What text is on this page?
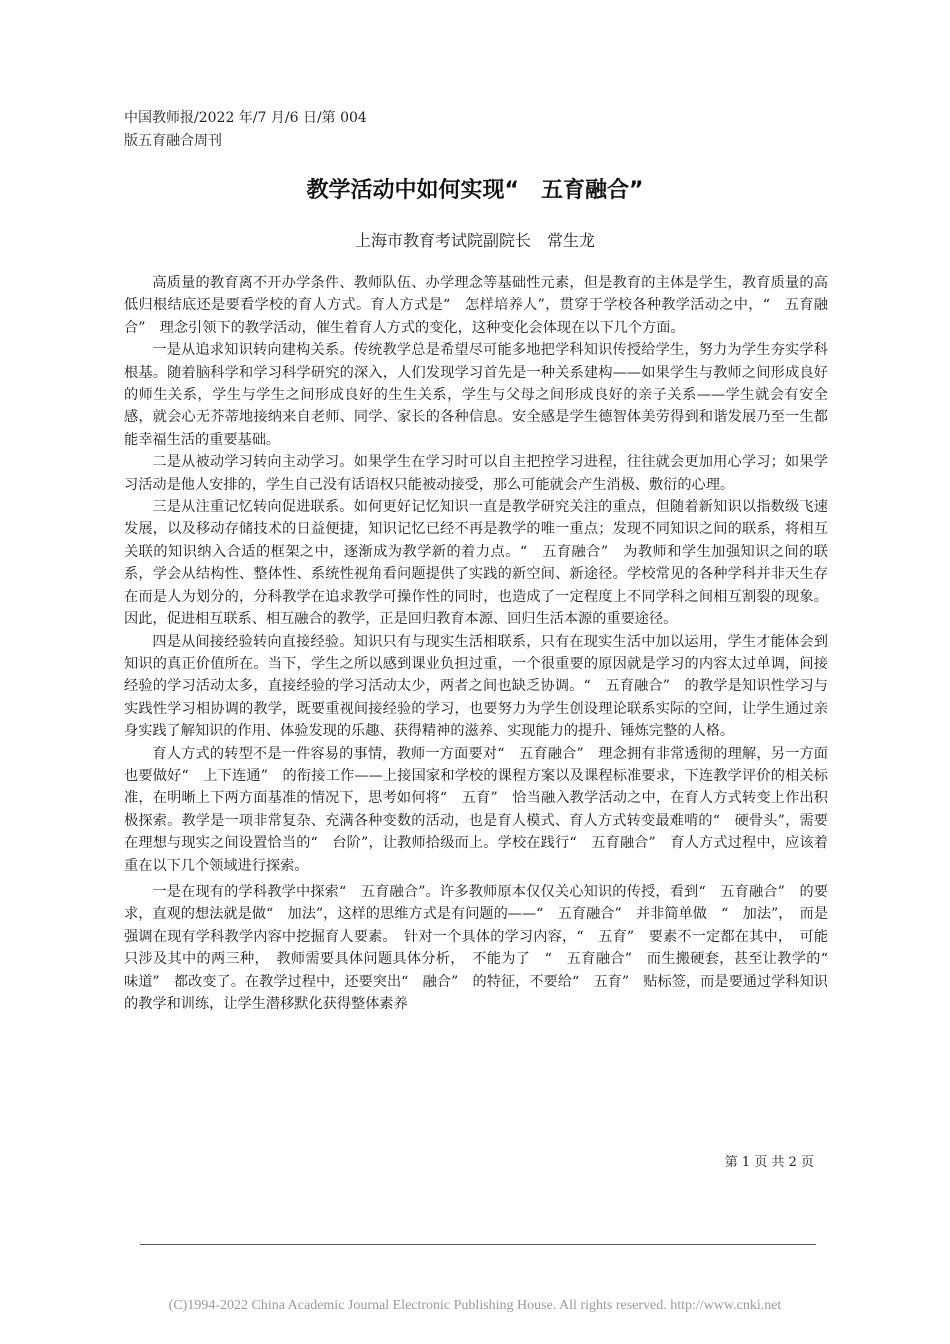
中国教师报/2022 年/7 月/6 日/第 004
版五育融合周刊
教学活动中如何实现“　五育融合”
上海市教育考试院副院长　常生龙

高质量的教育离不开办学条件、教师队伍、办学理念等基础性元素，但是教育的主体是学生，教育质量的高低归根结底还是要看学校的育人方式。育人方式是“　怎样培养人”，贯穿于学校各种教学活动之中，“　五育融合”　理念引领下的教学活动，催生着育人方式的变化，这种变化会体现在以下几个方面。

一是从追求知识转向建构关系。传统教学总是希望尽可能多地把学科知识传授给学生，努力为学生夯实学科根基。随着脑科学和学习科学研究的深入，人们发现学习首先是一种关系建构——如果学生与教师之间形成良好的师生关系，学生与学生之间形成良好的生生关系，学生与父母之间形成良好的亲子关系——学生就会有安全感，就会心无芥蒂地接纳来自老师、同学、家长的各种信息。安全感是学生德智体美劳得到和谐发展乃至一生都能幸福生活的重要基础。

二是从被动学习转向主动学习。如果学生在学习时可以自主把控学习进程，往往就会更加用心学习；如果学习活动是他人安排的，学生自己没有话语权只能被动接受，那么可能就会产生消极、敷衍的心理。

三是从注重记忆转向促进联系。如何更好记忆知识一直是教学研究关注的重点，但随着新知识以指数级飞速发展，以及移动存储技术的日益便捷，知识记忆已经不再是教学的唯一重点；发现不同知识之间的联系，将相互关联的知识纳入合适的框架之中，逐渐成为教学新的着力点。“　五育融合”　为教师和学生加强知识之间的联系，学会从结构性、整体性、系统性视角看问题提供了实践的新空间、新途径。学校常见的各种学科并非天生存在而是人为划分的，分科教学在追求教学可操作性的同时，也造成了一定程度上不同学科之间相互割裂的现象。因此，促进相互联系、相互融合的教学，正是回归教育本源、回归生活本源的重要途径。

四是从间接经验转向直接经验。知识只有与现实生活相联系，只有在现实生活中加以运用，学生才能体会到知识的真正价值所在。当下，学生之所以感到课业负担过重，一个很重要的原因就是学习的内容太过单调，间接经验的学习活动太多，直接经验的学习活动太少，两者之间也缺乏协调。“　五育融合”　的教学是知识性学习与实践性学习相协调的教学，既要重视间接经验的学习，也要努力为学生创设理论联系实际的空间，让学生通过亲身实践了解知识的作用、体验发现的乐趣、获得精神的滋养、实现能力的提升、锤炼完整的人格。

育人方式的转型不是一件容易的事情，教师一方面要对“　五育融合”　理念拥有非常透彻的理解，另一方面也要做好“　上下连通”　的衔接工作——上接国家和学校的课程方案以及课程标准要求，下连教学评价的相关标准，在明晰上下两方面基准的情况下，思考如何将“　五育”　恰当融入教学活动之中，在育人方式转变上作出积极探索。教学是一项非常复杂、充满各种变数的活动，也是育人模式、育人方式转变最难啃的“　硬骨头”，需要在理想与现实之间设置恰当的“　台阶”，让教师拾级而上。学校在践行“　五育融合”　育人方式过程中，应该着重在以下几个领域进行探索。

一是在现有的学科教学中探索“　五育融合”。许多教师原本仅仅关心知识的传授，看到“　五育融合”　的要求，直观的想法就是做“　加法”，这样的思维方式是有问题的——“　五育融合”　并非简单做　“　加法”，　而是强调在现有学科教学内容中挖掘育人要素。　针对一个具体的学习内容，“　五育”　要素不一定都在其中，　可能只涉及其中的两三种，　教师需要具体问题具体分析，　不能为了　“　五育融合”　而生搬硬套，甚至让教学的“　味道”　都改变了。在教学过程中，还要突出“　融合”　的特征，不要给“　五育”　贴标签，而是要通过学科知识的教学和训练，让学生潜移默化获得整体素养

第 1 页 共 2 页
(C)1994-2022 China Academic Journal Electronic Publishing House. All rights reserved. http://www.cnki.net
